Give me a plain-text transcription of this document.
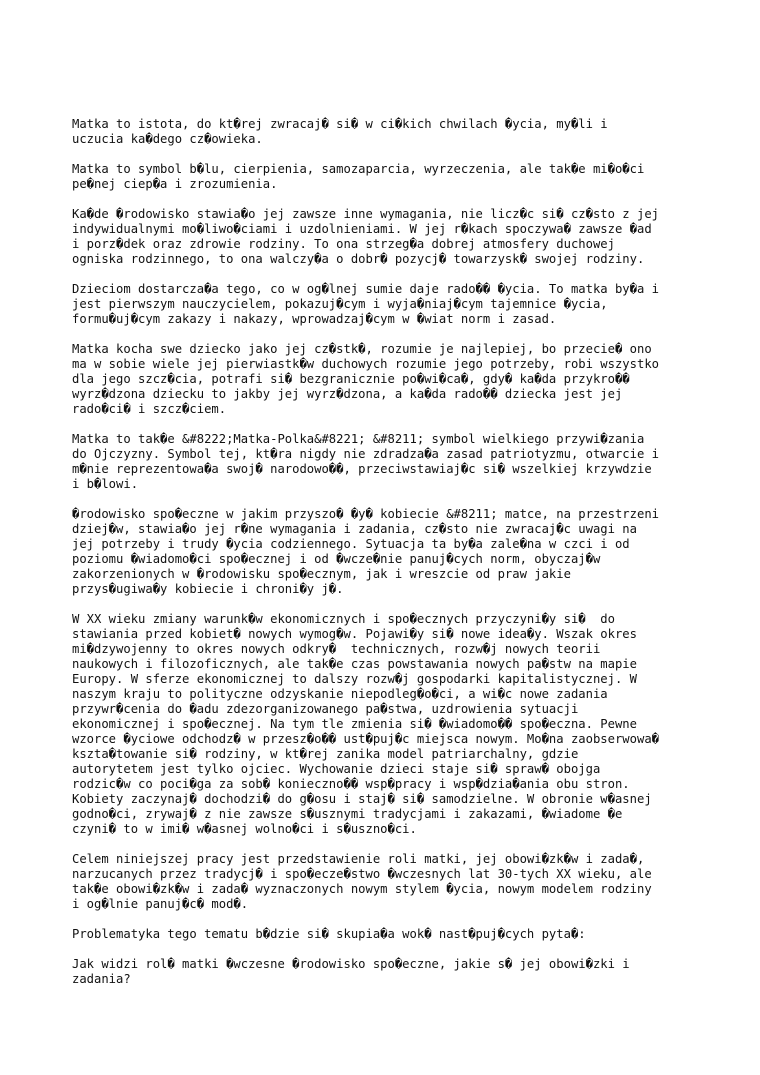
Matka to istota, do kt�rej zwracaj� si� w ci�kich chwilach �ycia, my�li i
uczucia ka�dego cz�owieka.

Matka to symbol b�lu, cierpienia, samozaparcia, wyrzeczenia, ale tak�e mi�o�ci
pe�nej ciep�a i zrozumienia.

Ka�de �rodowisko stawia�o jej zawsze inne wymagania, nie licz�c si� cz�sto z jej
indywidualnymi mo�liwo�ciami i uzdolnieniami. W jej r�kach spoczywa� zawsze �ad
i porz�dek oraz zdrowie rodziny. To ona strzeg�a dobrej atmosfery duchowej
ogniska rodzinnego, to ona walczy�a o dobr� pozycj� towarzysk� swojej rodziny.

Dzieciom dostarcza�a tego, co w og�lnej sumie daje rado�� �ycia. To matka by�a i
jest pierwszym nauczycielem, pokazuj�cym i wyja�niaj�cym tajemnice �ycia,
formu�uj�cym zakazy i nakazy, wprowadzaj�cym w �wiat norm i zasad.

Matka kocha swe dziecko jako jej cz�stk�, rozumie je najlepiej, bo przecie� ono
ma w sobie wiele jej pierwiastk�w duchowych rozumie jego potrzeby, robi wszystko
dla jego szcz�cia, potrafi si� bezgranicznie po�wi�ca�, gdy� ka�da przykro��
wyrz�dzona dziecku to jakby jej wyrz�dzona, a ka�da rado�� dziecka jest jej
rado�ci� i szcz�ciem.

Matka to tak�e &#8222;Matka-Polka&#8221; &#8211; symbol wielkiego przywi�zania
do Ojczyzny. Symbol tej, kt�ra nigdy nie zdradza�a zasad patriotyzmu, otwarcie i
m�nie reprezentowa�a swoj� narodowo��, przeciwstawiaj�c si� wszelkiej krzywdzie
i b�lowi.

�rodowisko spo�eczne w jakim przyszo� �y� kobiecie &#8211; matce, na przestrzeni
dziej�w, stawia�o jej r�ne wymagania i zadania, cz�sto nie zwracaj�c uwagi na
jej potrzeby i trudy �ycia codziennego. Sytuacja ta by�a zale�na w czci i od
poziomu �wiadomo�ci spo�ecznej i od �wcze�nie panuj�cych norm, obyczaj�w
zakorzenionych w �rodowisku spo�ecznym, jak i wreszcie od praw jakie
przys�ugiwa�y kobiecie i chroni�y j�.

W XX wieku zmiany warunk�w ekonomicznych i spo�ecznych przyczyni�y si�  do
stawiania przed kobiet� nowych wymog�w. Pojawi�y si� nowe idea�y. Wszak okres
mi�dzywojenny to okres nowych odkry�  technicznych, rozw�j nowych teorii
naukowych i filozoficznych, ale tak�e czas powstawania nowych pa�stw na mapie
Europy. W sferze ekonomicznej to dalszy rozw�j gospodarki kapitalistycznej. W
naszym kraju to polityczne odzyskanie niepodleg�o�ci, a wi�c nowe zadania
przywr�cenia do �adu zdezorganizowanego pa�stwa, uzdrowienia sytuacji
ekonomicznej i spo�ecznej. Na tym tle zmienia si� �wiadomo�� spo�eczna. Pewne
wzorce �yciowe odchodz� w przesz�o�� ust�puj�c miejsca nowym. Mo�na zaobserwowa�
kszta�towanie si� rodziny, w kt�rej zanika model patriarchalny, gdzie
autorytetem jest tylko ojciec. Wychowanie dzieci staje si� spraw� obojga
rodzic�w co poci�ga za sob� konieczno�� wsp�pracy i wsp�dzia�ania obu stron.
Kobiety zaczynaj� dochodzi� do g�osu i staj� si� samodzielne. W obronie w�asnej
godno�ci, zrywaj� z nie zawsze s�usznymi tradycjami i zakazami, �wiadome �e
czyni� to w imi� w�asnej wolno�ci i s�uszno�ci.

Celem niniejszej pracy jest przedstawienie roli matki, jej obowi�zk�w i zada�,
narzucanych przez tradycj� i spo�ecze�stwo �wczesnych lat 30-tych XX wieku, ale
tak�e obowi�zk�w i zada� wyznaczonych nowym stylem �ycia, nowym modelem rodziny
i og�lnie panuj�c� mod�.

Problematyka tego tematu b�dzie si� skupia�a wok� nast�puj�cych pyta�:

Jak widzi rol� matki �wczesne �rodowisko spo�eczne, jakie s� jej obowi�zki i
zadania?
